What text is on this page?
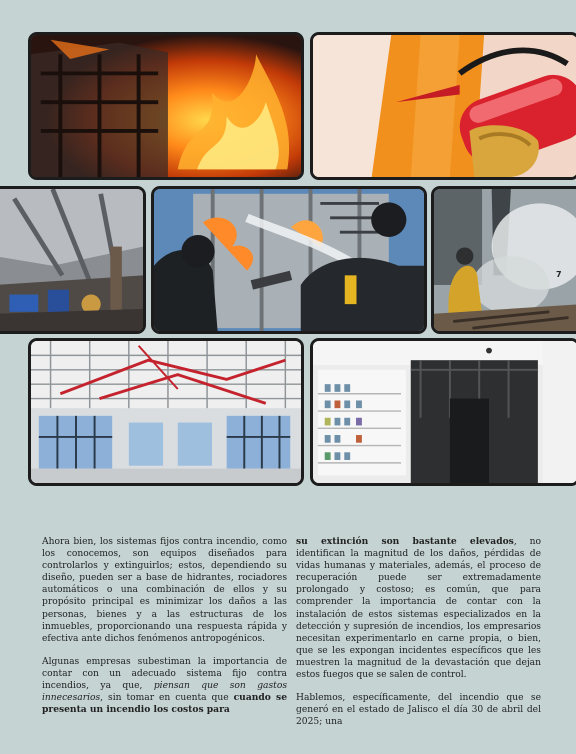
7

Ahora bien, los sistemas fijos contra incendio, como los conocemos, son equipos diseñados para controlarlos y extinguirlos; estos, dependiendo su diseño, pueden ser a base de hidrantes, rociadores automáticos o una combinación de ellos y su propósito principal es minimizar los daños a las personas, bienes y a las estructuras de los inmuebles, proporcionando una respuesta rápida y efectiva ante dichos fenómenos antropogénicos.

Algunas empresas subestiman la importancia de contar con un adecuado sistema fijo contra incendios, ya que, piensan que son gastos innecesarios, sin tomar en cuenta que cuando se presenta un incendio los costos para

su extinción son bastante elevados, no identifican la magnitud de los daños, pérdidas de vidas humanas y materiales, además, el proceso de recuperación puede ser extremadamente prolongado y costoso; es común, que para comprender la importancia de contar con la instalación de estos sistemas especializados en la detección y supresión de incendios, los empresarios necesitan experimentarlo en carne propia, o bien, que se les expongan incidentes específicos que les muestren la magnitud de la devastación que dejan estos fuegos que se salen de control.

Hablemos, específicamente, del incendio que se generó en el estado de Jalisco el día 30 de abril del 2025; una
